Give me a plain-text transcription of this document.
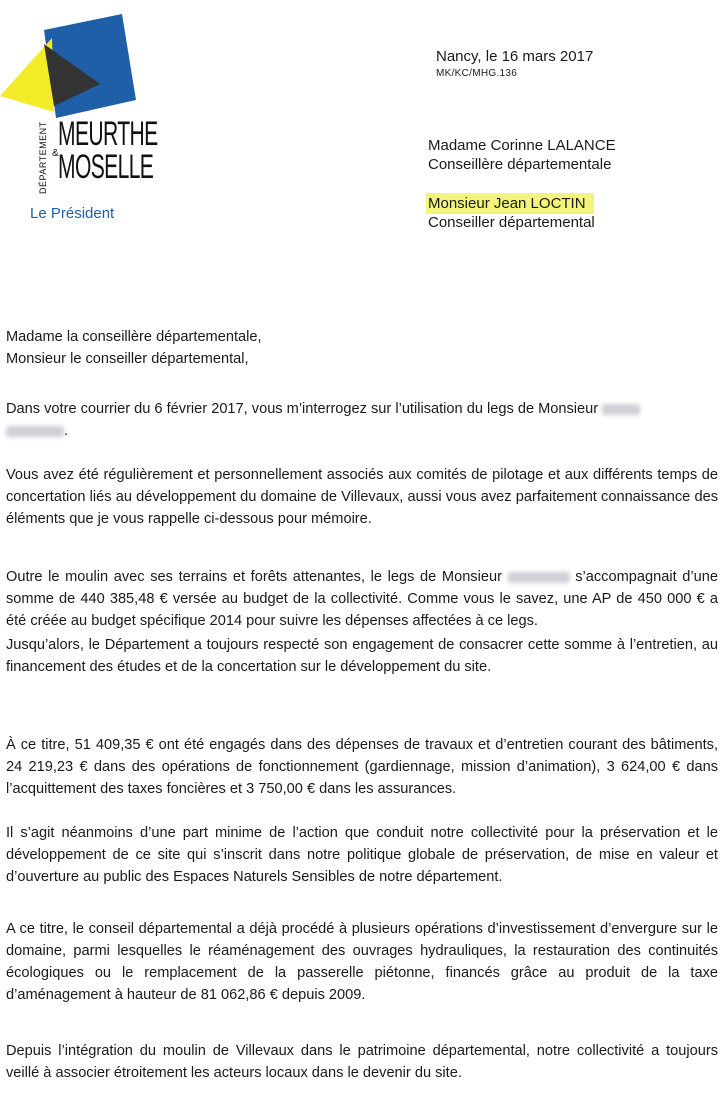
DÉPARTEMENT MEURTHE
& MOSELLE
Le Président
Nancy, le 16 mars 2017
MK/KC/MHG.136
Madame Corinne LALANCE
Conseillère départementale
Monsieur Jean LOCTIN
Conseiller départemental
Madame la conseillère départementale,
Monsieur le conseiller départemental,
Dans votre courrier du 6 février 2017, vous m’interrogez sur l’utilisation du legs de Monsieur
.
Vous avez été régulièrement et personnellement associés aux comités de pilotage et aux différents temps de concertation liés au développement du domaine de Villevaux, aussi vous avez parfaitement connaissance des éléments que je vous rappelle ci-dessous pour mémoire.
Outre le moulin avec ses terrains et forêts attenantes, le legs de Monsieur	s’accompagnait d’une somme de 440 385,48 € versée au budget de la collectivité. Comme vous le savez, une AP de 450 000 € a été créée au budget spécifique 2014 pour suivre les dépenses affectées à ce legs.
Jusqu’alors, le Département a toujours respecté son engagement de consacrer cette somme à l’entretien, au financement des études et de la concertation sur le développement du site.
À ce titre, 51 409,35 € ont été engagés dans des dépenses de travaux et d’entretien courant des bâtiments, 24 219,23 € dans des opérations de fonctionnement (gardiennage, mission d’animation), 3 624,00 € dans l’acquittement des taxes foncières et 3 750,00 € dans les assurances.
Il s’agit néanmoins d’une part minime de l’action que conduit notre collectivité pour la préservation et le développement de ce site qui s’inscrit dans notre politique globale de préservation, de mise en valeur et d’ouverture au public des Espaces Naturels Sensibles de notre département.
A ce titre, le conseil départemental a déjà procédé à plusieurs opérations d’investissement d’envergure sur le domaine, parmi lesquelles le réaménagement des ouvrages hydrauliques, la restauration des continuités écologiques ou le remplacement de la passerelle piétonne, financés grâce au produit de la taxe d’aménagement à hauteur de 81 062,86 € depuis 2009.
Depuis l’intégration du moulin de Villevaux dans le patrimoine départemental, notre collectivité a toujours veillé à associer étroitement les acteurs locaux dans le devenir du site.
